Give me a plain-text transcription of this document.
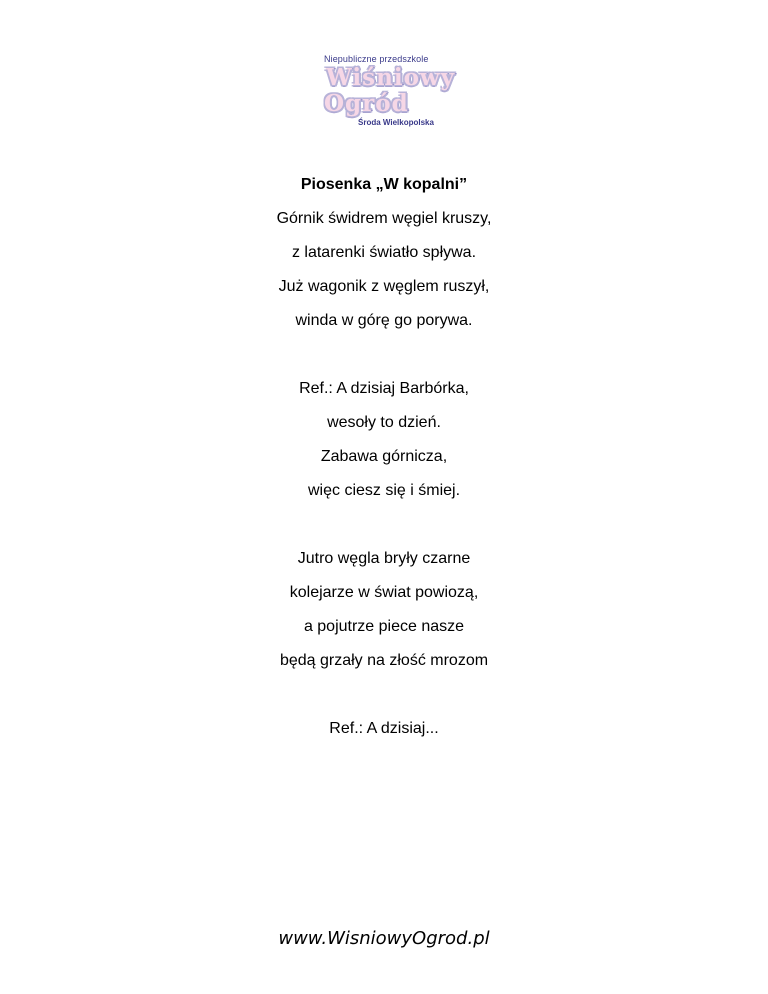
Niepubliczne przedszkole
Wiśniowy
Ogród
Środa Wielkopolska
Piosenka „W kopalni”
Górnik świdrem węgiel kruszy,
z latarenki światło spływa.
Już wagonik z węglem ruszył,
winda w górę go porywa.
Ref.: A dzisiaj Barbórka,
wesoły to dzień.
Zabawa górnicza,
więc ciesz się i śmiej.
Jutro węgla bryły czarne
kolejarze w świat powiozą,
a pojutrze piece nasze
będą grzały na złość mrozom
Ref.: A dzisiaj...
www.WisniowyOgrod.pl
